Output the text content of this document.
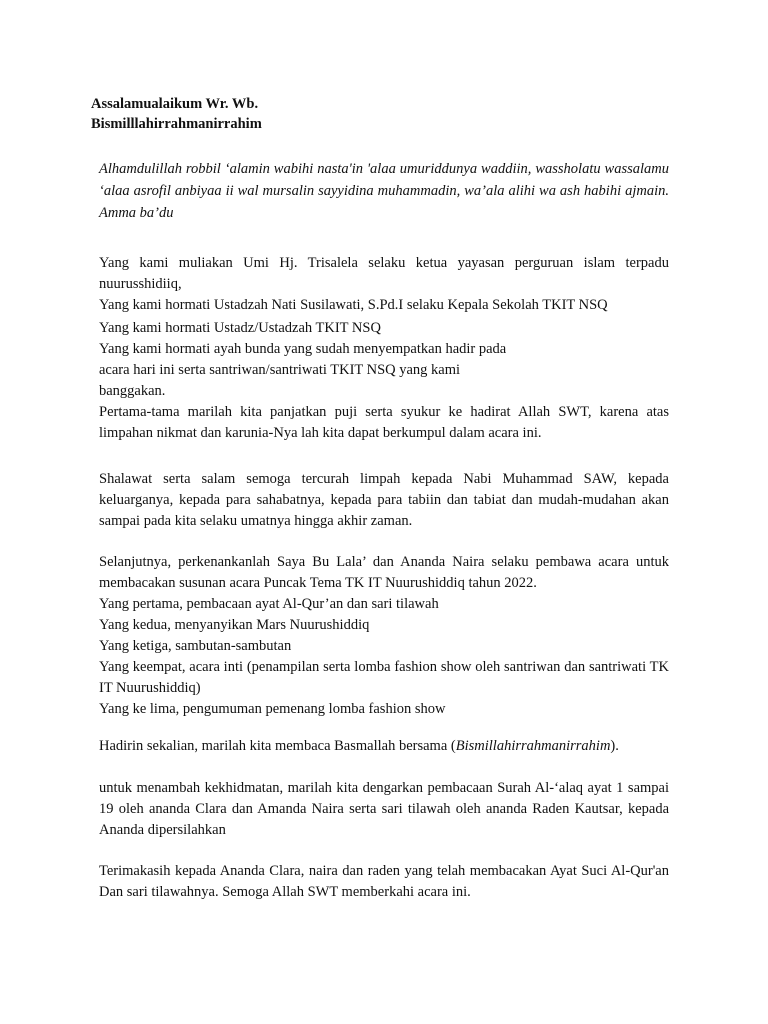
Assalamualaikum Wr. Wb.
Bismilllahirrahmanirrahim

Alhamdulillah robbil ‘alamin wabihi nasta'in 'alaa umuriddunya waddiin, wassholatu wassalamu ‘alaa asrofil anbiyaa ii wal mursalin sayyidina muhammadin, wa’ala alihi wa ash habihi ajmain. Amma ba’du

Yang kami muliakan Umi Hj. Trisalela selaku ketua yayasan perguruan islam terpadu nuurusshidiiq,

Yang kami hormati Ustadzah Nati Susilawati, S.Pd.I selaku Kepala Sekolah TKIT NSQ

Yang kami hormati Ustadz/Ustadzah TKIT NSQ

Yang kami hormati ayah bunda yang sudah menyempatkan hadir pada

acara hari ini serta santriwan/santriwati TKIT NSQ yang kami

banggakan.

Pertama-tama marilah kita panjatkan puji serta syukur ke hadirat Allah SWT, karena atas limpahan nikmat dan karunia-Nya lah kita dapat berkumpul dalam acara ini.

Shalawat serta salam semoga tercurah limpah kepada Nabi Muhammad SAW, kepada keluarganya, kepada para sahabatnya, kepada para tabiin dan tabiat dan mudah-mudahan akan sampai pada kita selaku umatnya hingga akhir zaman.

Selanjutnya, perkenankanlah Saya Bu Lala’ dan Ananda Naira selaku pembawa acara untuk membacakan susunan acara Puncak Tema TK IT Nuurushiddiq tahun 2022.

Yang pertama, pembacaan ayat Al-Qur’an dan sari tilawah

Yang kedua, menyanyikan Mars Nuurushiddiq

Yang ketiga, sambutan-sambutan

Yang keempat, acara inti (penampilan serta lomba fashion show oleh santriwan dan santriwati TK IT Nuurushiddiq)

Yang ke lima, pengumuman pemenang lomba fashion show

Hadirin sekalian, marilah kita membaca Basmallah bersama (Bismillahirrahmanirrahim).

untuk menambah kekhidmatan, marilah kita dengarkan pembacaan Surah Al-‘alaq ayat 1 sampai 19 oleh ananda Clara dan Amanda Naira serta sari tilawah oleh ananda Raden Kautsar, kepada Ananda dipersilahkan

Terimakasih kepada Ananda Clara, naira dan raden yang telah membacakan Ayat Suci Al-Qur'an Dan sari tilawahnya. Semoga Allah SWT memberkahi acara ini.
